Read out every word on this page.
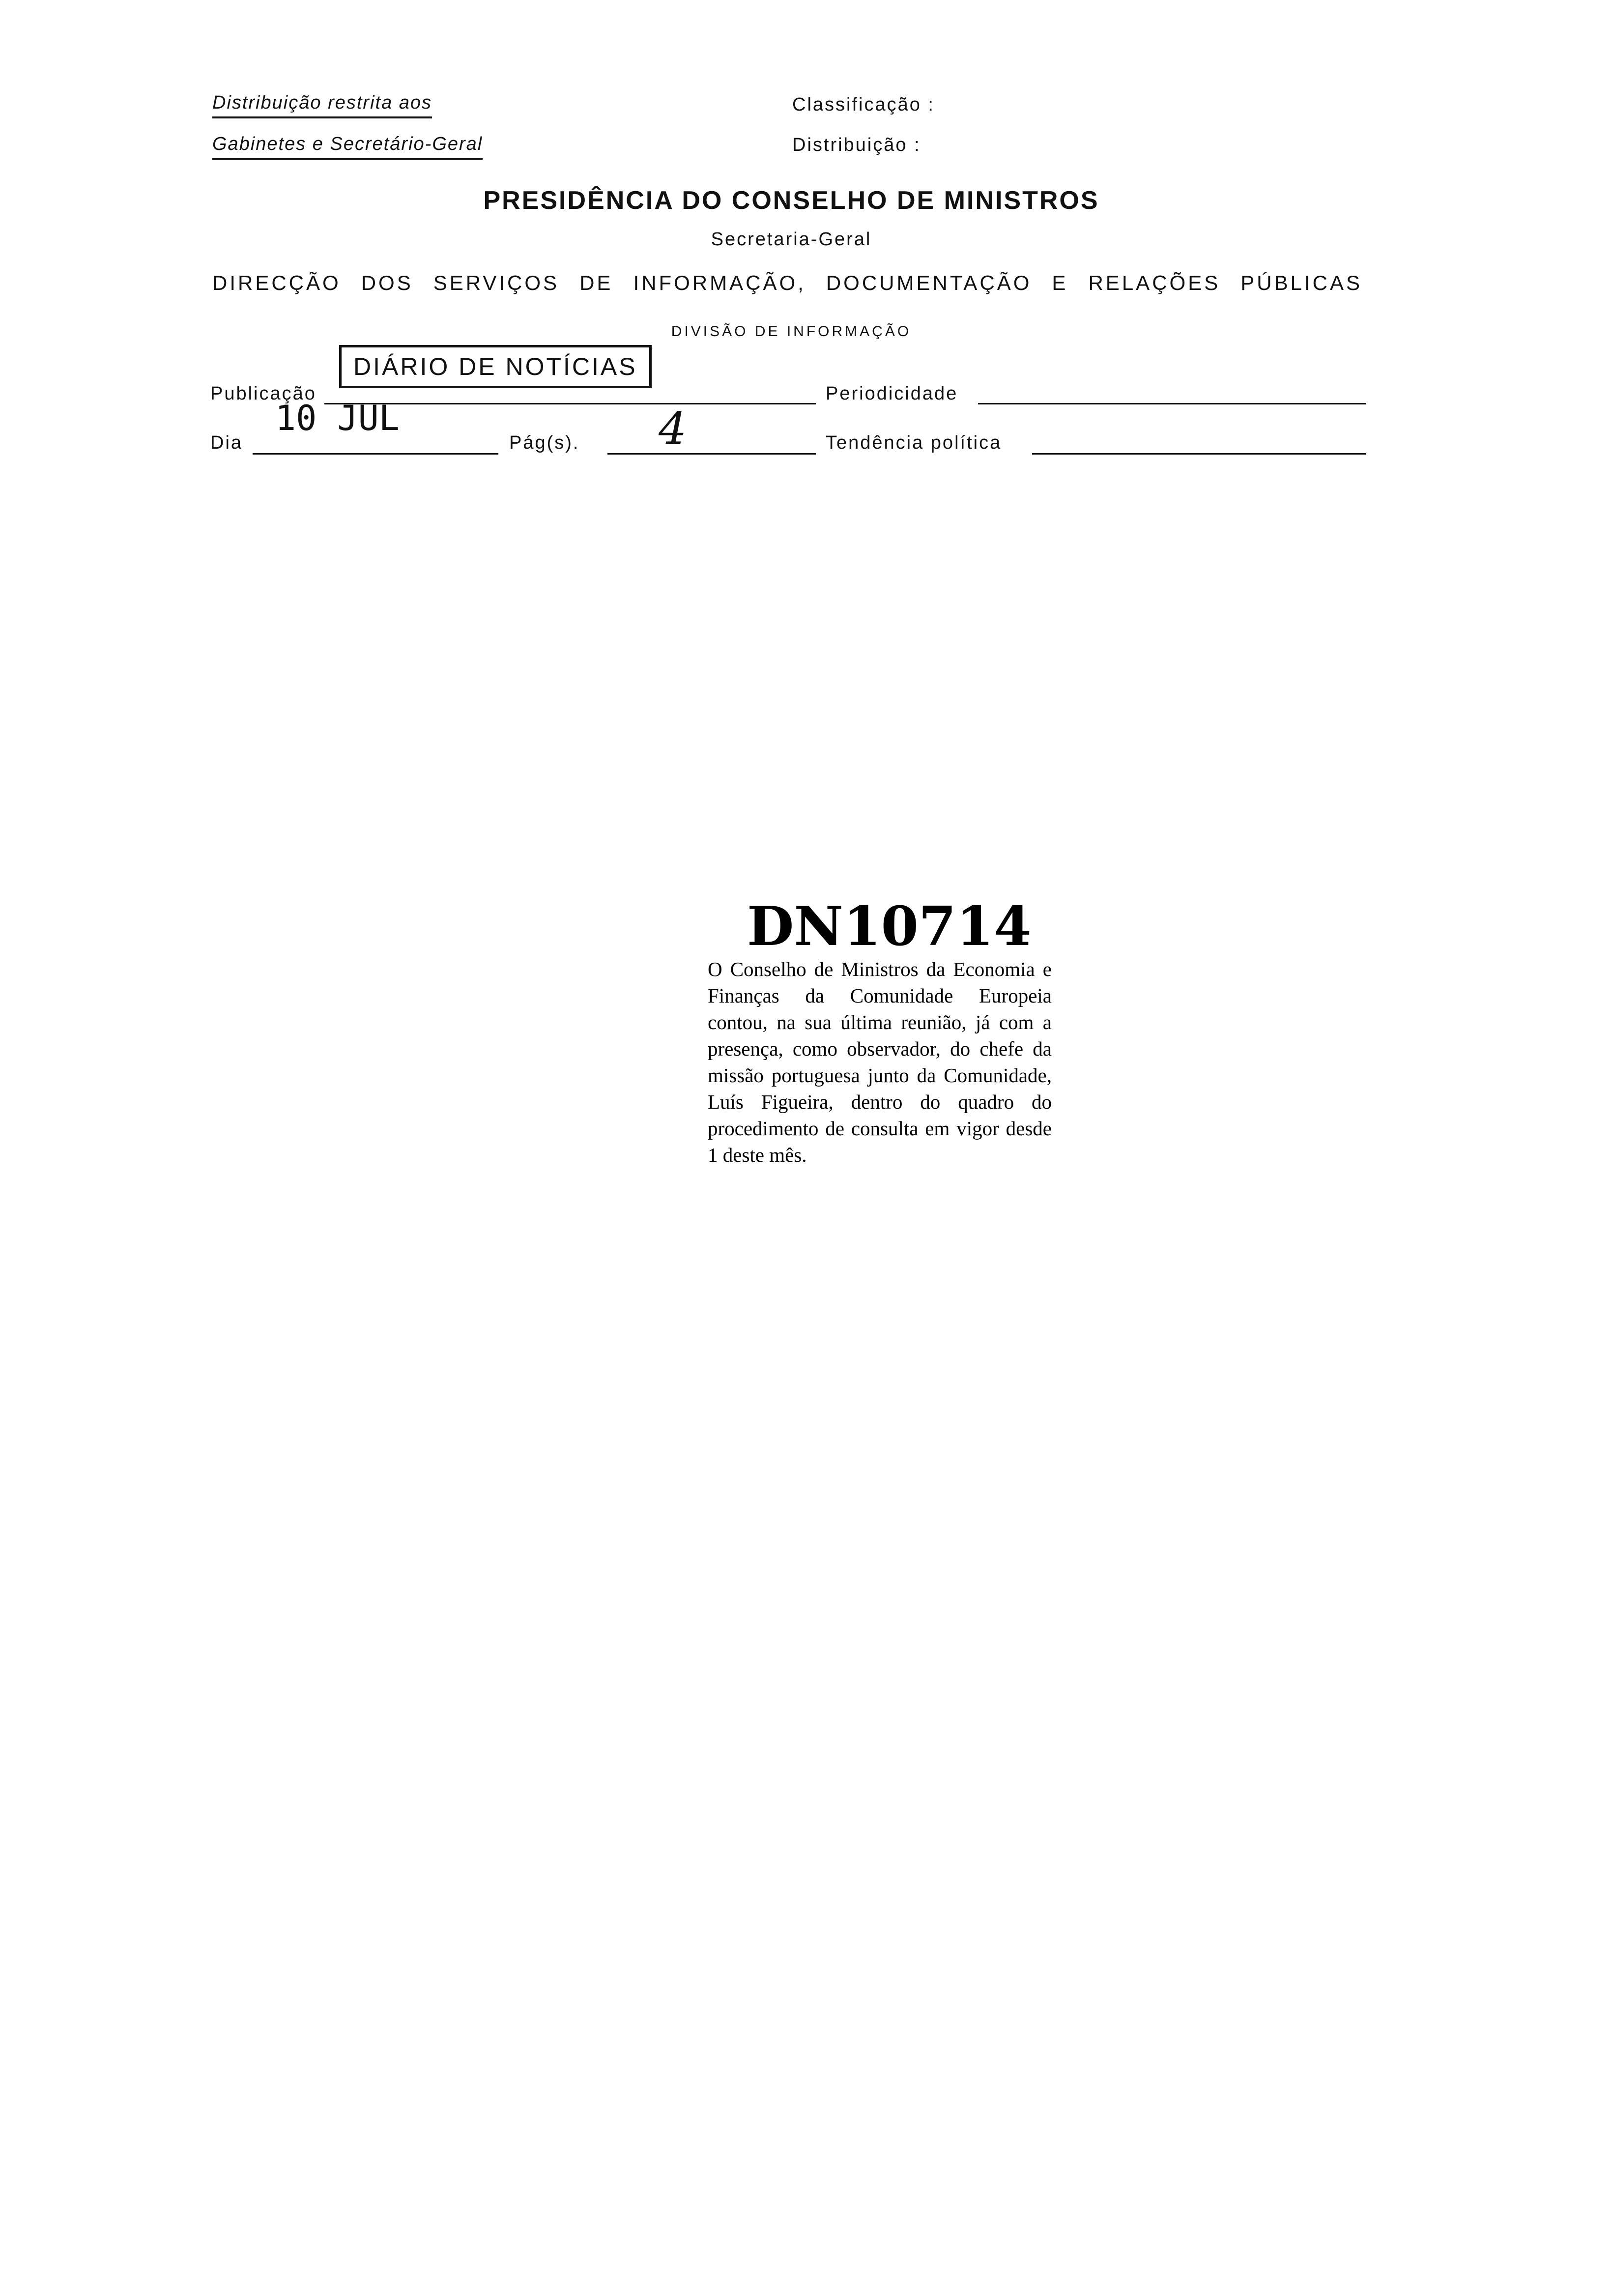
Distribuição restrita aos
Gabinetes e Secretário-Geral
Classificação :
Distribuição :
PRESIDÊNCIA DO CONSELHO DE MINISTROS
Secretaria-Geral
DIRECÇÃO DOS SERVIÇOS DE INFORMAÇÃO, DOCUMENTAÇÃO E RELAÇÕES PÚBLICAS
DIVISÃO DE INFORMAÇÃO
Publicação
DIÁRIO DE NOTÍCIAS
Periodicidade
Dia
10 JUL
Pág(s). 4	Tendência política
DN10714
O Conselho de Ministros da Economia e Finanças da Comunidade Europeia contou, na sua última reunião, já com a presença, como observador, do chefe da missão portuguesa junto da Comunidade, Luís Figueira, dentro do quadro do procedimento de consulta em vigor desde 1 deste mês.
